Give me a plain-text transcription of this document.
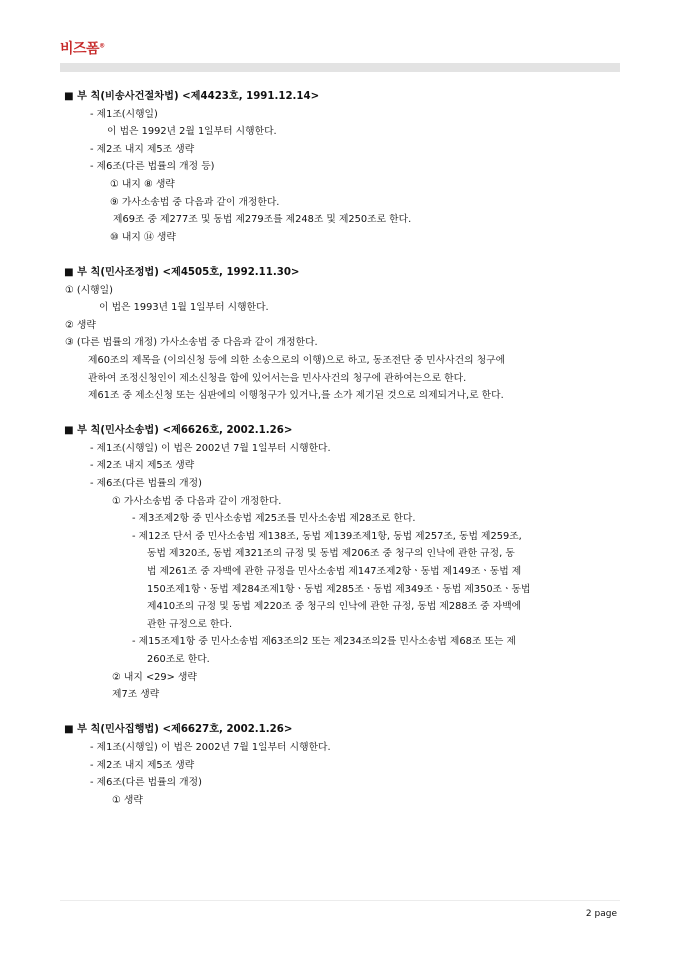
비즈폼®

■ 부 칙(비송사건절차법) <제4423호, 1991.12.14>

- 제1조(시행일)

이 법은 1992년 2월 1일부터 시행한다.

- 제2조 내지 제5조 생략

- 제6조(다른 법률의 개정 등)

① 내지 ⑧ 생략

⑨ 가사소송법 중 다음과 같이 개정한다.

제69조 중 제277조 및 동법 제279조를 제248조 및 제250조로 한다.

⑩ 내지 ⑭ 생략

■ 부 칙(민사조정법) <제4505호, 1992.11.30>

① (시행일)

이 법은 1993년 1월 1일부터 시행한다.

② 생략

③ (다른 법률의 개정) 가사소송법 중 다음과 같이 개정한다.

제60조의 제목을 (이의신청 등에 의한 소송으로의 이행)으로 하고, 동조전단 중 민사사건의 청구에

관하여 조정신청인이 제소신청을 함에 있어서는을 민사사건의 청구에 관하여는으로 한다.

제61조 중 제소신청 또는 심판에의 이행청구가 있거나,를 소가 제기된 것으로 의제되거나,로 한다.

■ 부 칙(민사소송법) <제6626호, 2002.1.26>

- 제1조(시행일) 이 법은 2002년 7월 1일부터 시행한다.

- 제2조 내지 제5조 생략

- 제6조(다른 법률의 개정)

① 가사소송법 중 다음과 같이 개정한다.

- 제3조제2항 중 민사소송법 제25조를 민사소송법 제28조로 한다.

- 제12조 단서 중 민사소송법 제138조, 동법 제139조제1항, 동법 제257조, 동법 제259조,

동법 제320조, 동법 제321조의 규정 및 동법 제206조 중 청구의 인낙에 관한 규정, 동

법 제261조 중 자백에 관한 규정을 민사소송법 제147조제2항ㆍ동법 제149조ㆍ동법 제

150조제1항ㆍ동법 제284조제1항ㆍ동법 제285조ㆍ동법 제349조ㆍ동법 제350조ㆍ동법

제410조의 규정 및 동법 제220조 중 청구의 인낙에 관한 규정, 동법 제288조 중 자백에

관한 규정으로 한다.

- 제15조제1항 중 민사소송법 제63조의2 또는 제234조의2를 민사소송법 제68조 또는 제

260조로 한다.

② 내지 <29> 생략

제7조 생략

■ 부 칙(민사집행법) <제6627호, 2002.1.26>

- 제1조(시행일) 이 법은 2002년 7월 1일부터 시행한다.

- 제2조 내지 제5조 생략

- 제6조(다른 법률의 개정)

① 생략

2 page
